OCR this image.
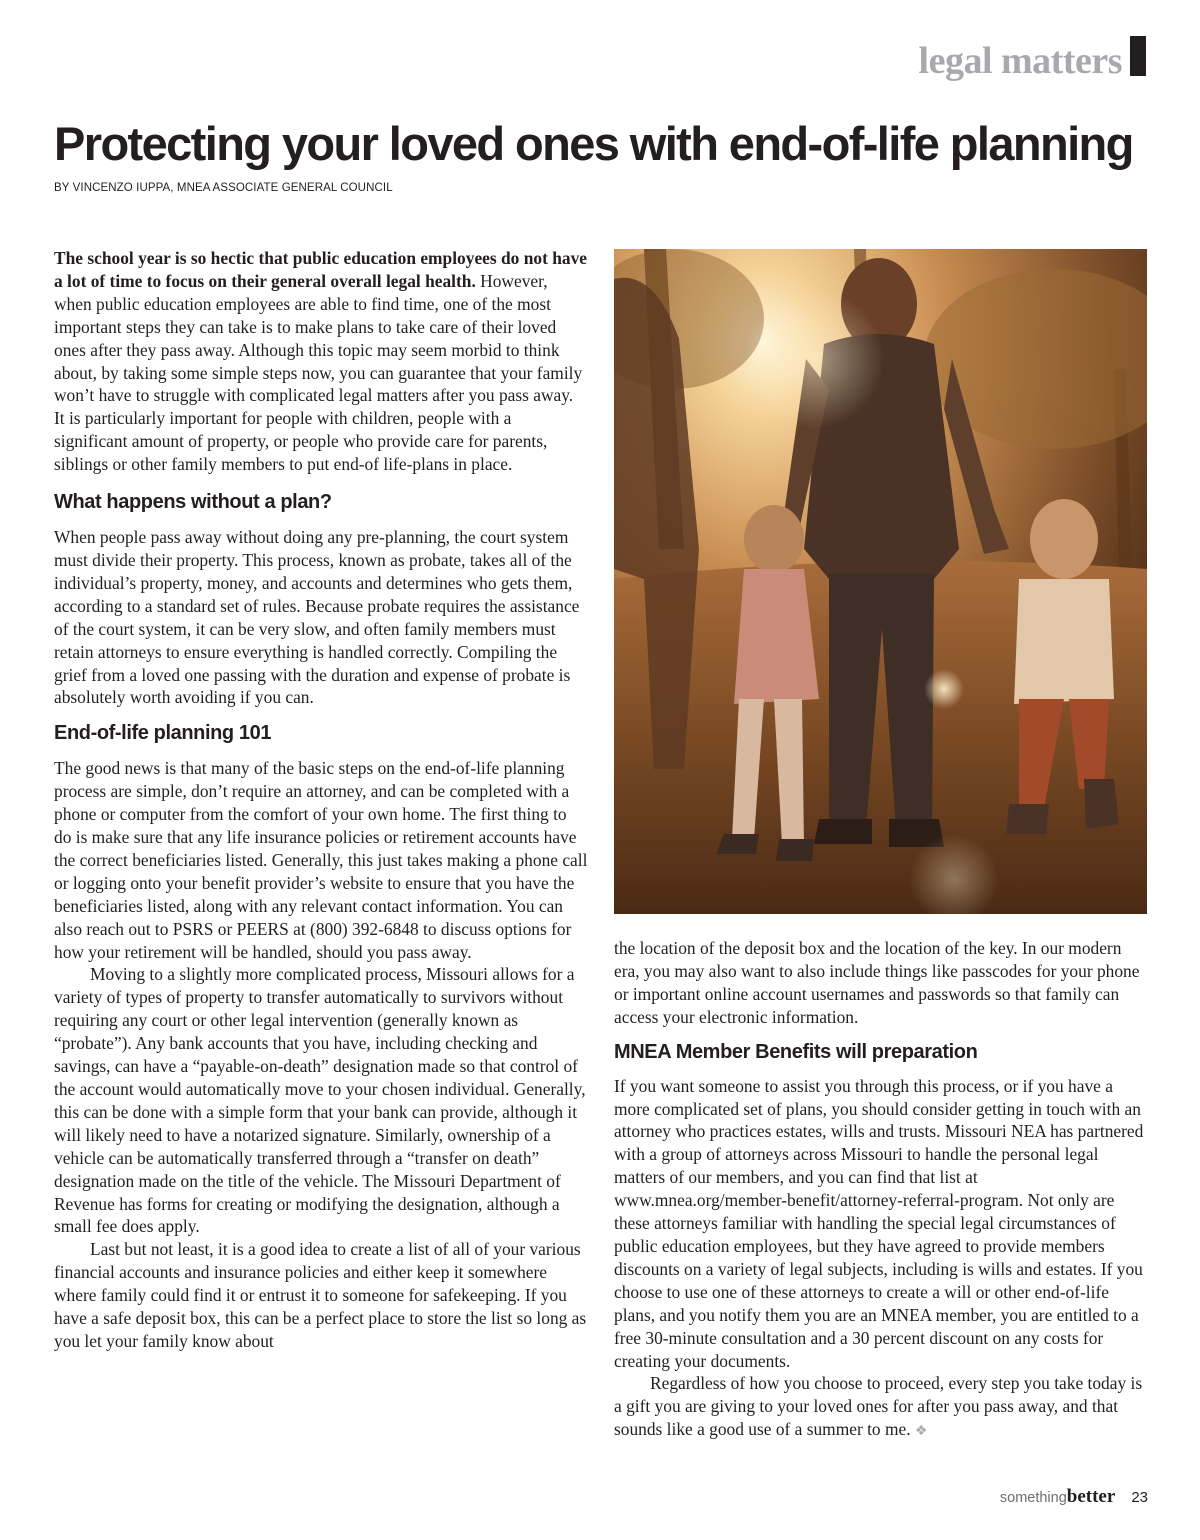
legal matters
Protecting your loved ones with end-of-life planning
BY VINCENZO IUPPA, MNEA ASSOCIATE GENERAL COUNCIL

The school year is so hectic that public education employees do not have a lot of time to focus on their general overall legal health. However, when public education employees are able to find time, one of the most important steps they can take is to make plans to take care of their loved ones after they pass away. Although this topic may seem morbid to think about, by taking some simple steps now, you can guarantee that your family won’t have to struggle with complicated legal matters after you pass away. It is particularly important for people with children, people with a significant amount of property, or people who provide care for parents, siblings or other family members to put end-of life-plans in place.

What happens without a plan?

When people pass away without doing any pre-planning, the court system must divide their property. This process, known as probate, takes all of the individual’s property, money, and accounts and determines who gets them, according to a standard set of rules. Because probate requires the assistance of the court system, it can be very slow, and often family members must retain attorneys to ensure everything is handled correctly. Compiling the grief from a loved one passing with the duration and expense of probate is absolutely worth avoiding if you can.

End-of-life planning 101

The good news is that many of the basic steps on the end-of-life planning process are simple, don’t require an attorney, and can be completed with a phone or computer from the comfort of your own home. The first thing to do is make sure that any life insurance policies or retirement accounts have the correct beneficiaries listed. Generally, this just takes making a phone call or logging onto your benefit provider’s website to ensure that you have the beneficiaries listed, along with any relevant contact information. You can also reach out to PSRS or PEERS at (800) 392-6848 to discuss options for how your retirement will be handled, should you pass away.

Moving to a slightly more complicated process, Missouri allows for a variety of types of property to transfer automatically to survivors without requiring any court or other legal intervention (generally known as “probate”). Any bank accounts that you have, including checking and savings, can have a “payable-on-death” designation made so that control of the account would automatically move to your chosen individual. Generally, this can be done with a simple form that your bank can provide, although it will likely need to have a notarized signature. Similarly, ownership of a vehicle can be automatically transferred through a “transfer on death” designation made on the title of the vehicle. The Missouri Department of Revenue has forms for creating or modifying the designation, although a small fee does apply.

Last but not least, it is a good idea to create a list of all of your various financial accounts and insurance policies and either keep it somewhere where family could find it or entrust it to someone for safekeeping. If you have a safe deposit box, this can be a perfect place to store the list so long as you let your family know about

the location of the deposit box and the location of the key. In our modern era, you may also want to also include things like passcodes for your phone or important online account usernames and passwords so that family can access your electronic information.

MNEA Member Benefits will preparation

If you want someone to assist you through this process, or if you have a more complicated set of plans, you should consider getting in touch with an attorney who practices estates, wills and trusts. Missouri NEA has partnered with a group of attorneys across Missouri to handle the personal legal matters of our members, and you can find that list at www.mnea.org/member-benefit/attorney-referral-program. Not only are these attorneys familiar with handling the special legal circumstances of public education employees, but they have agreed to provide members discounts on a variety of legal subjects, including is wills and estates. If you choose to use one of these attorneys to create a will or other end-of-life plans, and you notify them you are an MNEA member, you are entitled to a free 30-minute consultation and a 30 percent discount on any costs for creating your documents.

Regardless of how you choose to proceed, every step you take today is a gift you are giving to your loved ones for after you pass away, and that sounds like a good use of a summer to me. ❖

somethingbetter 23
